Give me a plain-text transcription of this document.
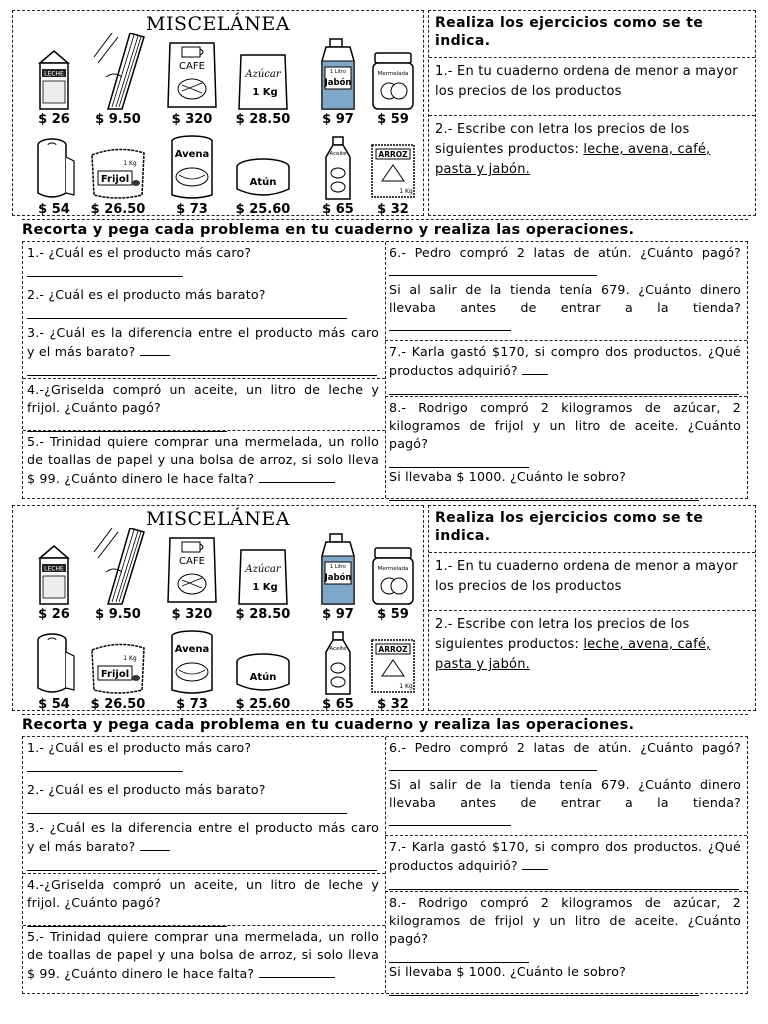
MISCELÁNEA
LECHE
$ 26	$ 9.50
CAFE
$ 320
Azúcar
1 Kg
$ 28.50
1 Litro
Jabón
$ 97
Mermelada
$ 59
$ 54
1 Kg
Frijol
$ 26.50
Avena
$ 73
Atún
$ 25.60
Aceite
$ 65
ARROZ
1 Kg
$ 32
Realiza los ejercicios como se te indica.
1.- En tu cuaderno ordena de menor a mayor los precios de los productos
2.- Escribe con letra los precios de los siguientes productos: leche, avena, café, pasta y jabón.
Recorta y pega cada problema en tu cuaderno y realiza las operaciones.
1.- ¿Cuál es el producto más caro?
2.- ¿Cuál es el producto más barato?
3.- ¿Cuál es la diferencia entre el producto más caro y el más barato?
4.-¿Griselda compró un aceite, un litro de leche y frijol. ¿Cuánto pagó?
5.- Trinidad quiere comprar una mermelada, un rollo de toallas de papel y una bolsa de arroz, si solo lleva $ 99. ¿Cuánto dinero le hace falta?
6.- Pedro compró 2 latas de atún. ¿Cuánto pagó?
Si al salir de la tienda tenía 679. ¿Cuánto dinero llevaba antes de entrar a la tienda?
7.- Karla gastó $170, si compro dos productos. ¿Qué productos adquirió?
8.- Rodrigo compró 2 kilogramos de azúcar, 2 kilogramos de frijol y un litro de aceite. ¿Cuánto pagó?
Si llevaba $ 1000. ¿Cuánto le sobro?
MISCELÁNEA
LECHE
$ 26	$ 9.50
CAFE
$ 320
Azúcar
1 Kg
$ 28.50
1 Litro
Jabón
$ 97
Mermelada
$ 59
$ 54
1 Kg
Frijol
$ 26.50
Avena
$ 73
Atún
$ 25.60
Aceite
$ 65
ARROZ
1 Kg
$ 32
Realiza los ejercicios como se te indica.
1.- En tu cuaderno ordena de menor a mayor los precios de los productos
2.- Escribe con letra los precios de los siguientes productos: leche, avena, café, pasta y jabón.
Recorta y pega cada problema en tu cuaderno y realiza las operaciones.
1.- ¿Cuál es el producto más caro?
2.- ¿Cuál es el producto más barato?
3.- ¿Cuál es la diferencia entre el producto más caro y el más barato?
4.-¿Griselda compró un aceite, un litro de leche y frijol. ¿Cuánto pagó?
5.- Trinidad quiere comprar una mermelada, un rollo de toallas de papel y una bolsa de arroz, si solo lleva $ 99. ¿Cuánto dinero le hace falta?
6.- Pedro compró 2 latas de atún. ¿Cuánto pagó?
Si al salir de la tienda tenía 679. ¿Cuánto dinero llevaba antes de entrar a la tienda?
7.- Karla gastó $170, si compro dos productos. ¿Qué productos adquirió?
8.- Rodrigo compró 2 kilogramos de azúcar, 2 kilogramos de frijol y un litro de aceite. ¿Cuánto pagó?
Si llevaba $ 1000. ¿Cuánto le sobro?
